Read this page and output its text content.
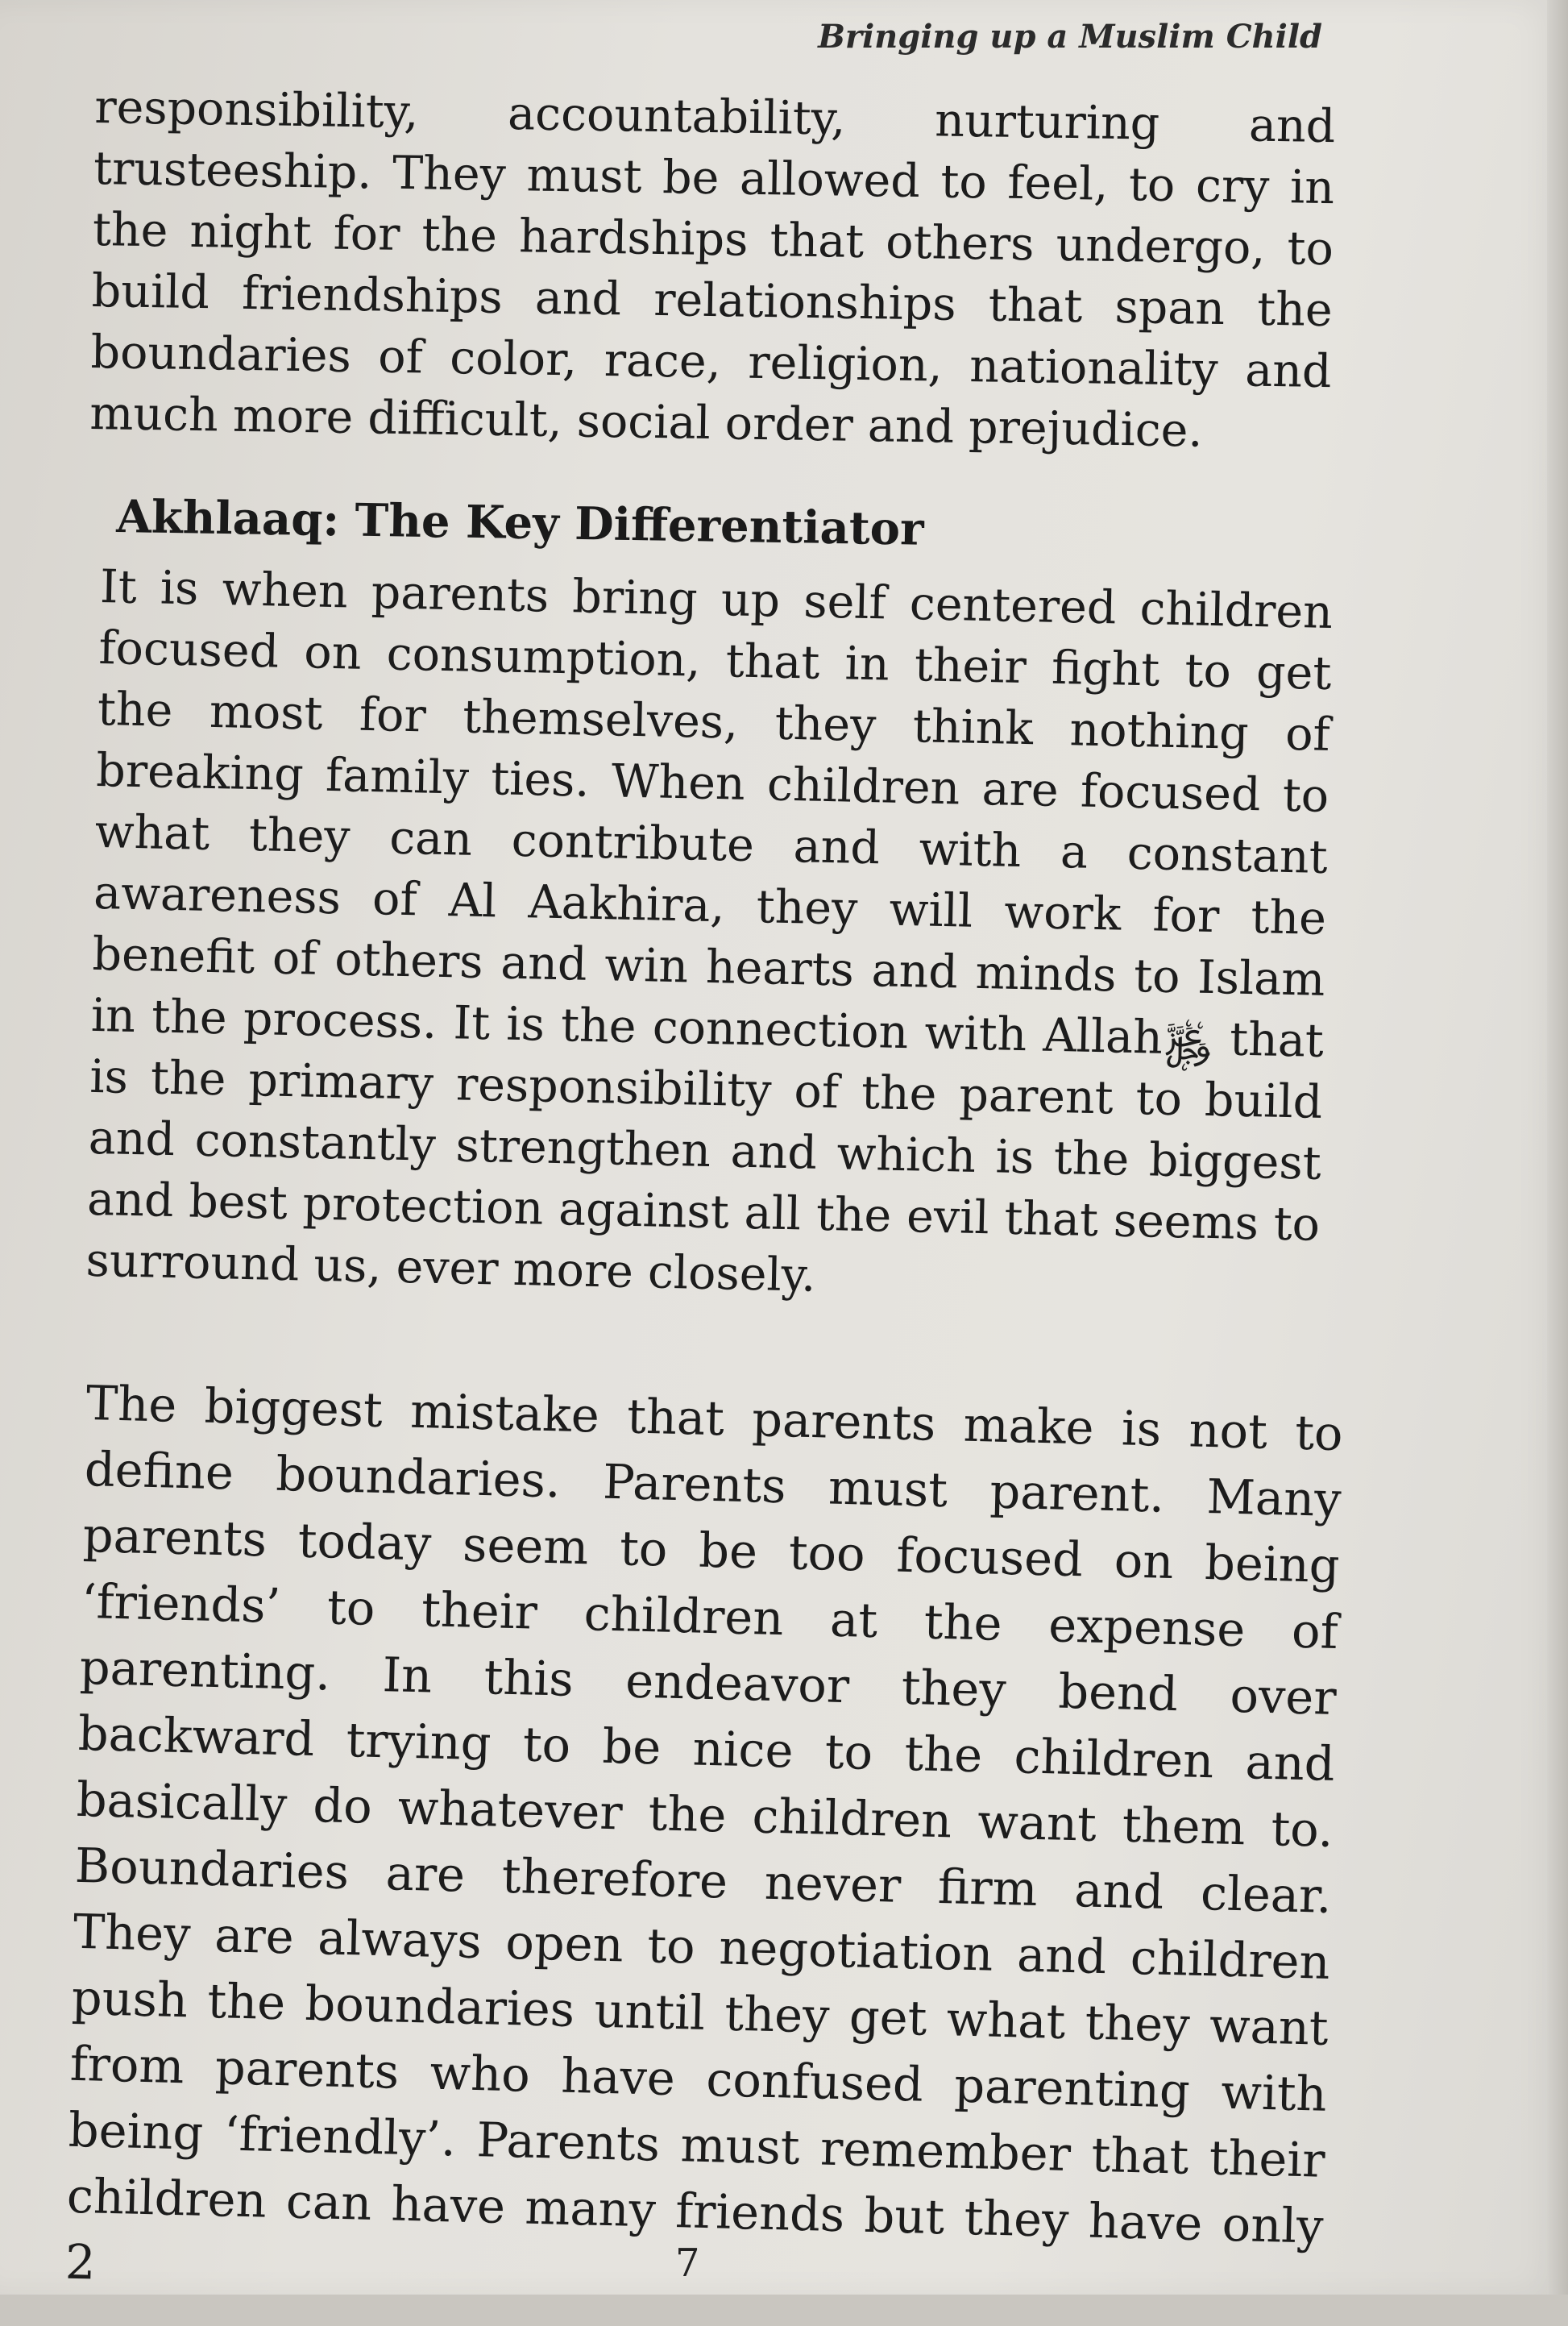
Bringing up a Muslim Child
responsibility, accountability, nurturing and trusteeship. They must be allowed to feel, to cry in the night for the hardships that others undergo, to build friendships and relationships that span the boundaries of color, race, religion, nationality and much more difficult, social order and prejudice.
Akhlaaq: The Key Differentiator
It is when parents bring up self centered children focused on consumption, that in their fight to get the most for themselves, they think nothing of breaking family ties. When children are focused to what they can contribute and with a constant awareness of Al Aakhira, they will work for the benefit of others and win hearts and minds to Islam in the process. It is the connection with Allah﷿ that is the primary responsibility of the parent to build and constantly strengthen and which is the biggest and best protection against all the evil that seems to surround us, ever more closely.
The biggest mistake that parents make is not to define boundaries. Parents must parent. Many parents today seem to be too focused on being ‘friends’ to their children at the expense of parenting. In this endeavor they bend over backward trying to be nice to the children and basically do whatever the children want them to. Boundaries are therefore never firm and clear. They are always open to negotiation and children push the boundaries until they get what they want from parents who have confused parenting with being ‘friendly’. Parents must remember that their children can have many friends but they have only 2	7
